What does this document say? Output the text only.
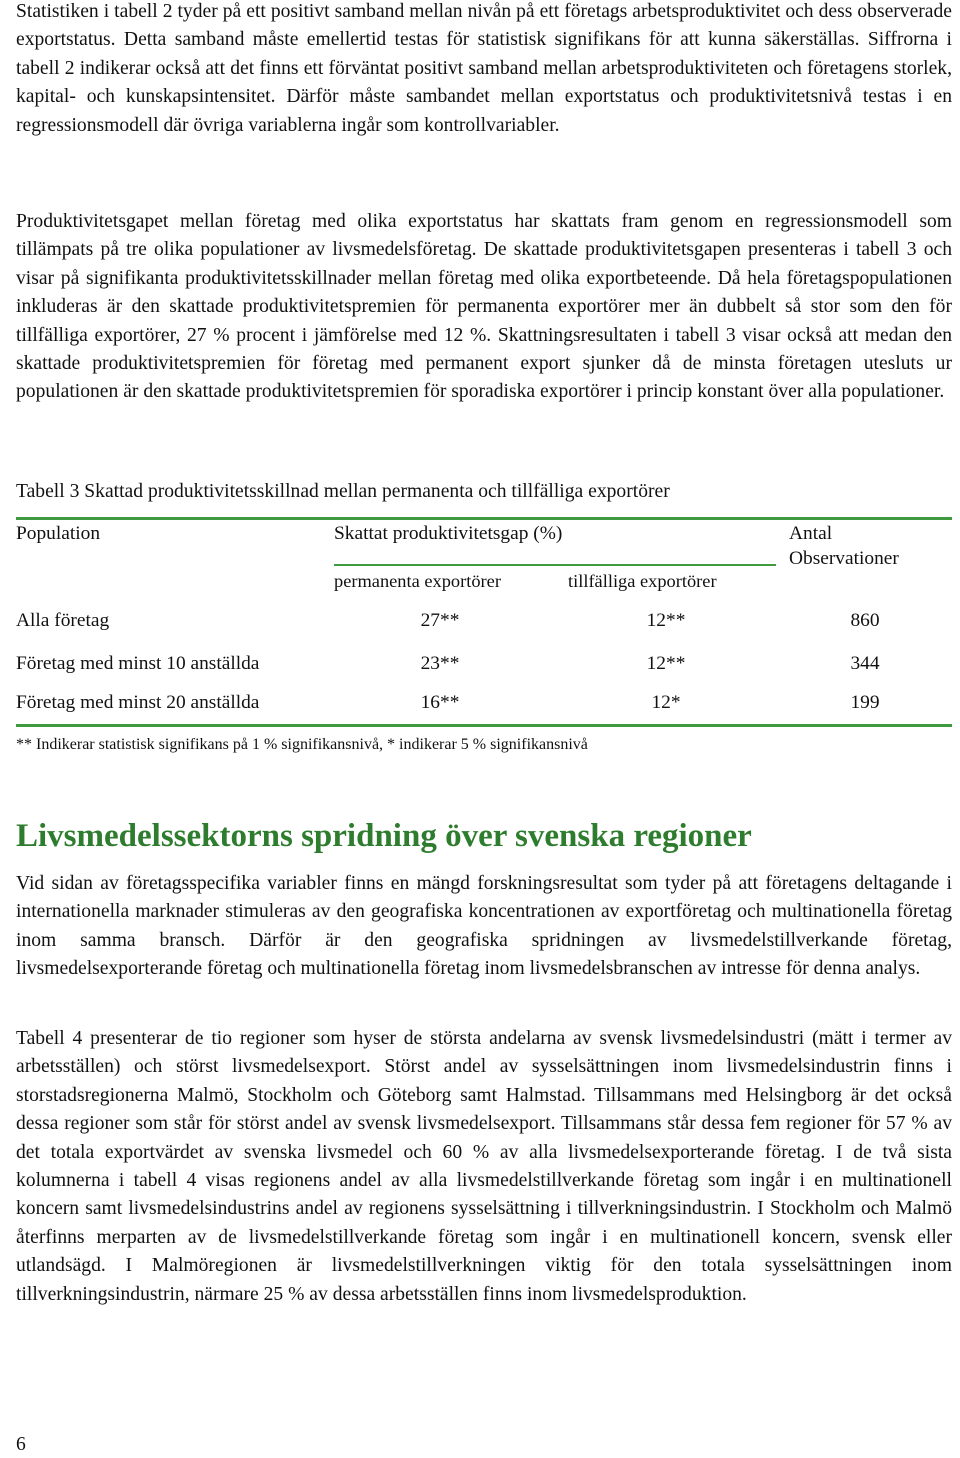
Statistiken i tabell 2 tyder på ett positivt samband mellan nivån på ett företags arbetsproduktivitet och dess observerade exportstatus. Detta samband måste emellertid testas för statistisk signifikans för att kunna säkerställas. Siffrorna i tabell 2 indikerar också att det finns ett förväntat positivt samband mellan arbetsproduktiviteten och företagens storlek, kapital- och kunskapsintensitet. Därför måste sambandet mellan exportstatus och produktivitetsnivå testas i en regressionsmodell där övriga variablerna ingår som kontrollvariabler.

Produktivitetsgapet mellan företag med olika exportstatus har skattats fram genom en regressionsmodell som tillämpats på tre olika populationer av livsmedelsföretag. De skattade produktivitetsgapen presenteras i tabell 3 och visar på signifikanta produktivitetsskillnader mellan företag med olika exportbeteende. Då hela företagspopulationen inkluderas är den skattade produktivitetspremien för permanenta exportörer mer än dubbelt så stor som den för tillfälliga exportörer, 27 % procent i jämförelse med 12 %. Skattningsresultaten i tabell 3 visar också att medan den skattade produktivitetspremien för företag med permanent export sjunker då de minsta företagen utesluts ur populationen är den skattade produktivitetspremien för sporadiska exportörer i princip konstant över alla populationer.

Tabell 3 Skattad produktivitetsskillnad mellan permanenta och tillfälliga exportörer

Population	Skattat produktivitetsgap (%)	Antal
Observationer
permanenta exportörer	tillfälliga exportörer
Alla företag	27**	12**	860
Företag med minst 10 anställda	23**	12**	344
Företag med minst 20 anställda	16**	12*	199

** Indikerar statistisk signifikans på 1 % signifikansnivå, * indikerar 5 % signifikansnivå

Livsmedelssektorns spridning över svenska regioner

Vid sidan av företagsspecifika variabler finns en mängd forskningsresultat som tyder på att företagens deltagande i internationella marknader stimuleras av den geografiska koncentrationen av exportföretag och multinationella företag inom samma bransch. Därför är den geografiska spridningen av livsmedelstillverkande företag, livsmedelsexporterande företag och multinationella företag inom livsmedelsbranschen av intresse för denna analys.

Tabell 4 presenterar de tio regioner som hyser de största andelarna av svensk livsmedelsindustri (mätt i termer av arbetsställen) och störst livsmedelsexport. Störst andel av sysselsättningen inom livsmedelsindustrin finns i storstadsregionerna Malmö, Stockholm och Göteborg samt Halmstad. Tillsammans med Helsingborg är det också dessa regioner som står för störst andel av svensk livsmedelsexport. Tillsammans står dessa fem regioner för 57 % av det totala exportvärdet av svenska livsmedel och 60 % av alla livsmedelsexporterande företag. I de två sista kolumnerna i tabell 4 visas regionens andel av alla livsmedelstillverkande företag som ingår i en multinationell koncern samt livsmedelsindustrins andel av regionens sysselsättning i tillverkningsindustrin. I Stockholm och Malmö återfinns merparten av de livsmedelstillverkande företag som ingår i en multinationell koncern, svensk eller utlandsägd. I Malmöregionen är livsmedelstillverkningen viktig för den totala sysselsättningen inom tillverkningsindustrin, närmare 25 % av dessa arbetsställen finns inom livsmedelsproduktion.

6
